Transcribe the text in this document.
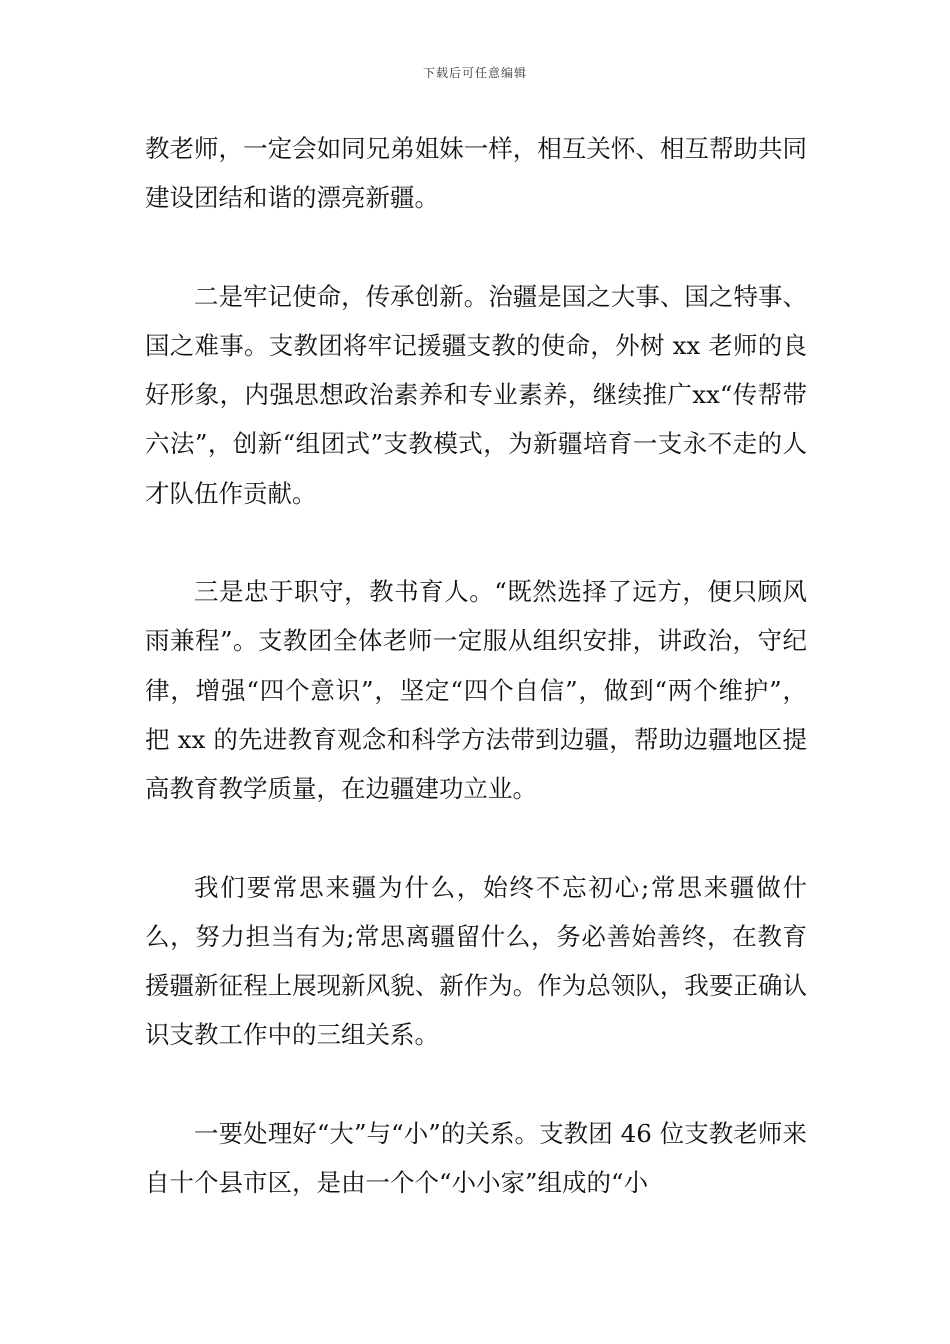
下载后可任意编辑

教老师，一定会如同兄弟姐妹一样，相互关怀、相互帮助共同建设团结和谐的漂亮新疆。

二是牢记使命，传承创新。治疆是国之大事、国之特事、国之难事。支教团将牢记援疆支教的使命，外树 xx 老师的良好形象，内强思想政治素养和专业素养，继续推广xx“传帮带六法”，创新“组团式”支教模式，为新疆培育一支永不走的人才队伍作贡献。

三是忠于职守，教书育人。“既然选择了远方，便只顾风雨兼程”。支教团全体老师一定服从组织安排，讲政治，守纪律，增强“四个意识”，坚定“四个自信”，做到“两个维护”，把 xx 的先进教育观念和科学方法带到边疆，帮助边疆地区提高教育教学质量，在边疆建功立业。

我们要常思来疆为什么，始终不忘初心;常思来疆做什么，努力担当有为;常思离疆留什么，务必善始善终，在教育援疆新征程上展现新风貌、新作为。作为总领队，我要正确认识支教工作中的三组关系。

一要处理好“大”与“小”的关系。支教团 46 位支教老师来自十个县市区，是由一个个“小小家”组成的“小
